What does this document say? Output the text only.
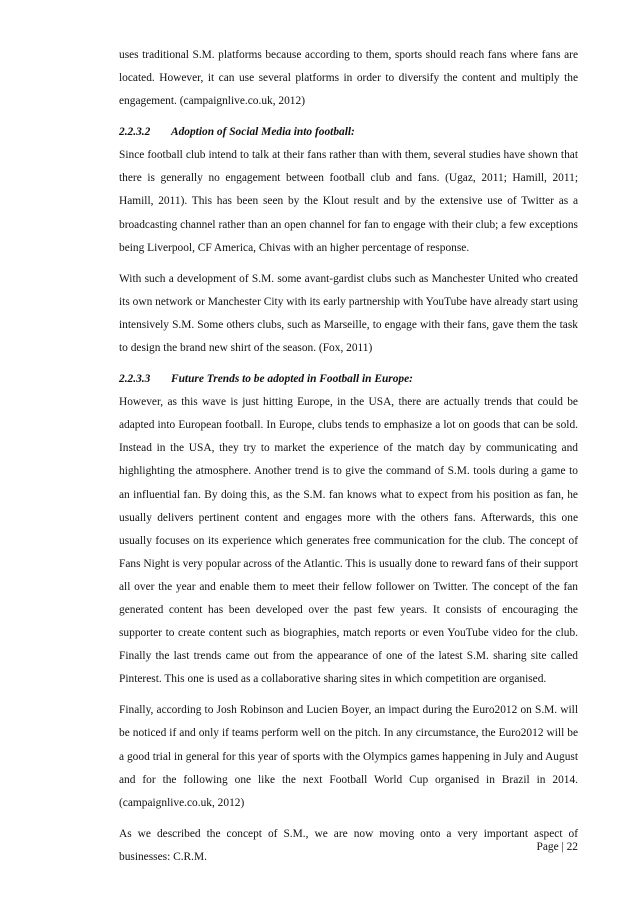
uses traditional S.M. platforms because according to them, sports should reach fans where fans are located. However, it can use several platforms in order to diversify the content and multiply the engagement. (campaignlive.co.uk, 2012)

2.2.3.2 Adoption of Social Media into football:

Since football club intend to talk at their fans rather than with them, several studies have shown that there is generally no engagement between football club and fans. (Ugaz, 2011; Hamill, 2011; Hamill, 2011). This has been seen by the Klout result and by the extensive use of Twitter as a broadcasting channel rather than an open channel for fan to engage with their club; a few exceptions being Liverpool, CF America, Chivas with an higher percentage of response.

With such a development of S.M. some avant-gardist clubs such as Manchester United who created its own network or Manchester City with its early partnership with YouTube have already start using intensively S.M. Some others clubs, such as Marseille, to engage with their fans, gave them the task to design the brand new shirt of the season. (Fox, 2011)

2.2.3.3 Future Trends to be adopted in Football in Europe:

However, as this wave is just hitting Europe, in the USA, there are actually trends that could be adapted into European football. In Europe, clubs tends to emphasize a lot on goods that can be sold. Instead in the USA, they try to market the experience of the match day by communicating and highlighting the atmosphere. Another trend is to give the command of S.M. tools during a game to an influential fan. By doing this, as the S.M. fan knows what to expect from his position as fan, he usually delivers pertinent content and engages more with the others fans. Afterwards, this one usually focuses on its experience which generates free communication for the club. The concept of Fans Night is very popular across of the Atlantic. This is usually done to reward fans of their support all over the year and enable them to meet their fellow follower on Twitter. The concept of the fan generated content has been developed over the past few years. It consists of encouraging the supporter to create content such as biographies, match reports or even YouTube video for the club. Finally the last trends came out from the appearance of one of the latest S.M. sharing site called Pinterest. This one is used as a collaborative sharing sites in which competition are organised.

Finally, according to Josh Robinson and Lucien Boyer, an impact during the Euro2012 on S.M. will be noticed if and only if teams perform well on the pitch. In any circumstance, the Euro2012 will be a good trial in general for this year of sports with the Olympics games happening in July and August and for the following one like the next Football World Cup organised in Brazil in 2014. (campaignlive.co.uk, 2012)

As we described the concept of S.M., we are now moving onto a very important aspect of businesses: C.R.M.

Page | 22
